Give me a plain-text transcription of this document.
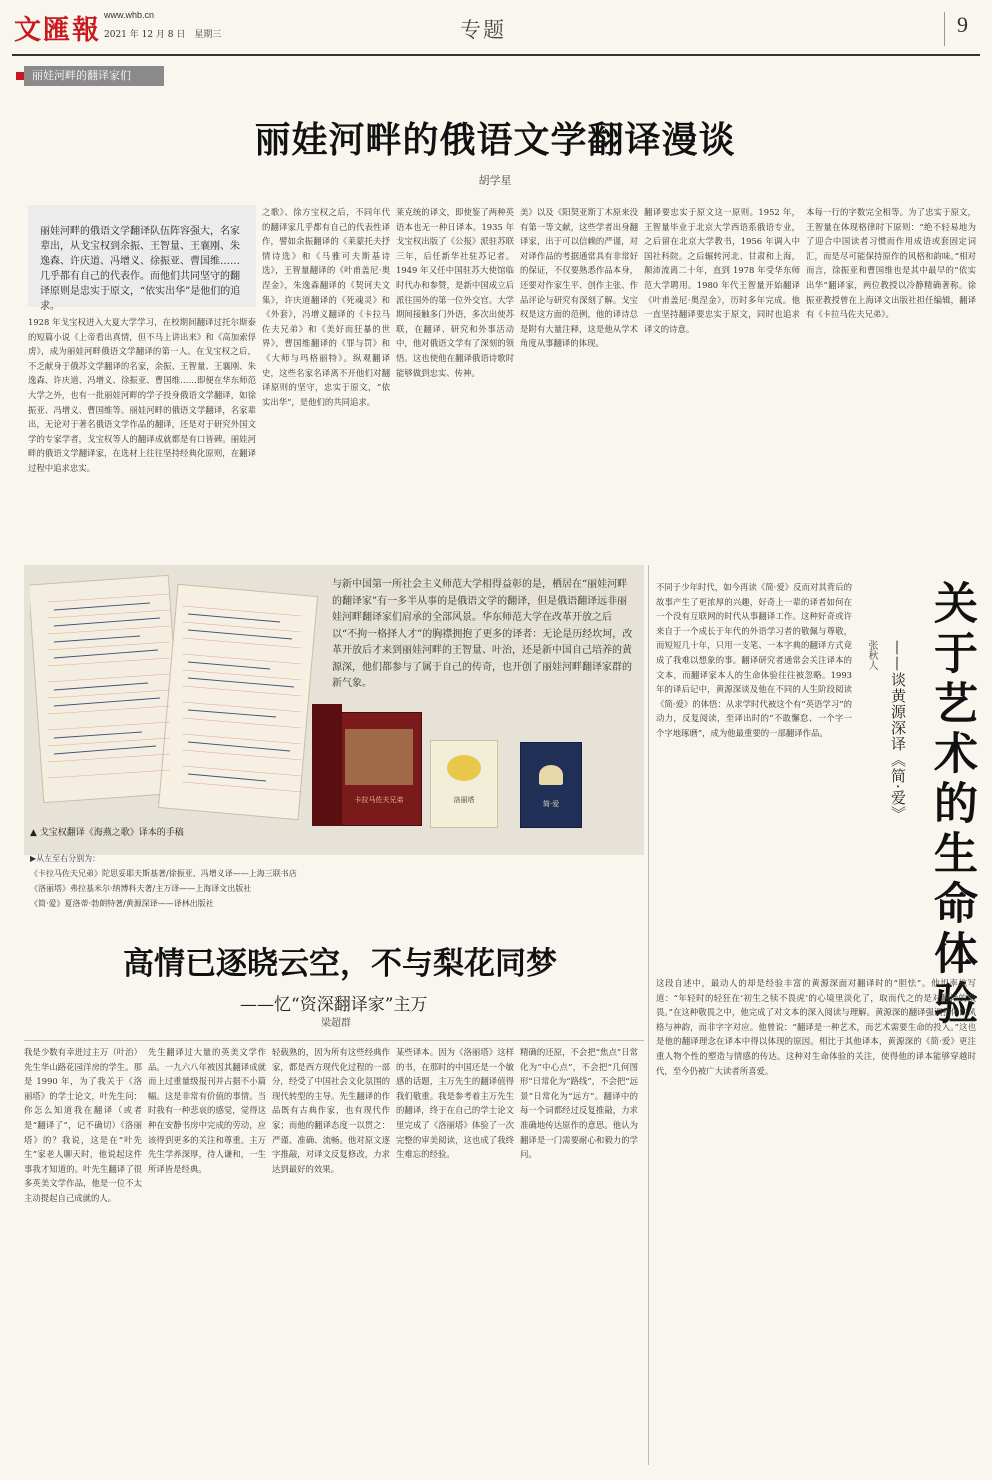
文匯報 www.whb.cn
2021 年 12 月 8 日　星期三	专题	9
丽娃河畔的翻译家们
丽娃河畔的俄语文学翻译漫谈
胡学星
丽娃河畔的俄语文学翻译队伍阵容强大，名家辈出，从戈宝权到余振、王智量、王襄刚、朱逸森、许庆道、冯增义、徐振亚、曹国维……几乎都有自己的代表作。而他们共同坚守的翻译原则是忠实于原文，“依实出华”是他们的追求。
1928 年戈宝权进入大夏大学学习，在校期间翻译过托尔斯泰的短篇小说《上帝看出真情，但不马上讲出来》和《高加索俘虏》，成为丽娃河畔俄语文学翻译的第一人。在戈宝权之后，不乏献身于俄苏文学翻译的名家，余振、王智量、王襄刚、朱逸森、许庆道、冯增义、徐振亚、曹国维……即便在华东师范大学之外，也有一批丽娃河畔的学子投身俄语文学翻译，如徐振亚、冯增义、曹国维等。丽娃河畔的俄语文学翻译，名家辈出，无论对于著名俄语文学作品的翻译，还是对于研究外国文学的专家学者，戈宝权等人的翻译成就都是有口皆碑。丽娃河畔的俄语文学翻译家，在选材上往往坚持经典化原则，在翻译过程中追求忠实。
之歌》、徐方宝权之后，不同年代的翻译家几乎都有自己的代表性译作，譬如余振翻译的《莱蒙托夫抒情诗选》和《马雅可夫斯基诗选》，王智量翻译的《叶甫盖尼·奥涅金》，朱逸森翻译的《契诃夫文集》，许庆道翻译的《死魂灵》和《外套》，冯增义翻译的《卡拉马佐夫兄弟》和《美好而狂暴的世界》，曹国维翻译的《罪与罚》和《大师与玛格丽特》。纵观翻译史，这些名家名译离不开他们对翻译原则的坚守，忠实于原文，“依实出华”，是他们的共同追求。
莱克统的译文，即使鉴了两种英语本也无一种日译本。1935 年戈宝权出版了《公报》派驻苏联三年，后任新华社驻苏记者。1949 年又任中国驻苏大使馆临时代办和参赞，是新中国成立后派往国外的第一位外交官。大学期间接触多门外语，多次出使苏联，在翻译、研究和外事活动中，他对俄语文学有了深刻的领悟。这也使他在翻译俄语诗歌时能够做到忠实、传神。
美》以及《阳契亚斯丁木原来没有第一等文献，这些学者出身翻译家，出于可以信赖的严谨，对对译作品的考据通常具有非常好的保证，不仅要熟悉作品本身，还要对作家生平、创作主张、作品评论与研究有深刻了解。戈宝权是这方面的范例，他的译诗总是附有大量注释，这是他从学术角度从事翻译的体现。
翻译要忠实于原文这一原则。1952 年，王智量毕业于北京大学西语系俄语专业，之后留在北京大学教书，1956 年调入中国社科院。之后辗转河北、甘肃和上海，颠沛流离二十年，直到 1978 年受华东师范大学聘用。1980 年代王智量开始翻译《叶甫盖尼·奥涅金》，历时多年完成。他一直坚持翻译要忠实于原文，同时也追求译文的诗意。
本每一行的字数完全相等。为了忠实于原文，王智量在体现格律时下原则：“绝不轻易地为了迎合中国读者习惯而作用成语或套固定词汇，而是尽可能保持原作的风格和韵味。”相对而言，徐振亚和曹国维也是其中最早的“依实出华”翻译家，两位教授以冷静精确著称。徐振亚教授曾在上海译文出版社担任编辑，翻译有《卡拉马佐夫兄弟》。
与新中国第一所社会主义师范大学相得益彰的是，栖居在“丽娃河畔的翻译家”有一多半从事的是俄语文学的翻译，但是俄语翻译远非丽娃河畔翻译家们肩承的全部风景。华东师范大学在改革开放之后以“不拘一格择人才”的胸襟拥抱了更多的译者：无论是历经坎坷，改革开放后才来到丽娃河畔的王智量、叶治，还是新中国自己培养的黄源深，他们都参与了属于自己的传奇，也开创了丽娃河畔翻译家群的新气象。
卡拉马佐夫兄弟	洛丽塔	简·爱
▲ 戈宝权翻译《海燕之歌》译本的手稿
▶从左至右分别为：
《卡拉马佐夫兄弟》陀思妥耶夫斯基著/徐振亚、冯增义译——上海三联书店
《洛丽塔》弗拉基米尔·纳博科夫著/主万译——上海译文出版社
《简·爱》夏洛蒂·勃朗特著/黄源深译——译林出版社
高情已逐晓云空，不与梨花同梦
——忆“资深翻译家”主万
梁超群
我是少数有幸进过主万（叶治）先生华山路花园洋房的学生。那是 1990 年，为了我关于《洛丽塔》的学士论文，叶先生问：你怎么知道我在翻译（或者是“翻译了”，记不确切）《洛丽塔》的？我说，这是在“叶先生”家老人聊天时，他说起这件事我才知道的。叶先生翻译了很多英美文学作品，他是一位不太主动提起自己成就的人。
先生翻译过大量的英美文学作品。一九六八年被因其翻译成就而上过重量级报刊并占据不小篇幅。这是非常有价值的事情。当时我有一种悲哀的感觉，觉得这种在安静书房中完成的劳动，应该得到更多的关注和尊重。主万先生学养深厚，待人谦和，一生所译皆是经典。
轻载熟的，因为所有这些经典作家，都是西方现代化过程的一部分，经受了中国社会文化氛围的现代转型的主导。先生翻译的作品既有古典作家，也有现代作家；而他的翻译态度一以贯之：严谨、准确、流畅。他对原文逐字推敲，对译文反复修改，力求达到最好的效果。
某些译本。因为《洛丽塔》这样的书，在那时的中国还是一个敏感的话题，主万先生的翻译值得我们敬重。我是参考着主万先生的翻译，终于在自己的学士论文里完成了《洛丽塔》体验了一次完整的审美阅读，这也成了我终生难忘的经验。
精确的还原，不会把“焦点”日常化为“中心点”，不会把“几何图形”日常化为“路线”，不会把“远景”日常化为“远方”。翻译中的每一个词都经过反复推敲，力求准确地传达原作的意思。他认为翻译是一门需要耐心和毅力的学问。
关于艺术的生命体验
——谈黄源深译《简·爱》
张秋人
不同于少年时代，如今再读《简·爱》反而对其背后的故事产生了更浓厚的兴趣，好奇上一辈的译者如何在一个没有互联网的时代从事翻译工作。这种好奇或许来自于一个成长于年代的外语学习者的敬佩与尊敬，而短短几十年，只用一支笔、一本字典的翻译方式竟成了我难以想象的事。翻译研究者通常会关注译本的文本，而翻译家本人的生命体验往往被忽略。1993 年的译后记中，黄源深谈及他在不同的人生阶段阅读《简·爱》的体悟：从求学时代被这个有“英语学习”的动力，反复阅读，至译出时的“不敢懈怠、一个字一个字地琢磨”，成为他最重要的一部翻译作品。
这段自述中，最动人的却是经验丰富的黄源深面对翻译时的“胆怯”。他坦率地写道：“年轻时的轻狂在‘初生之犊不畏虎’的心境里淡化了，取而代之的是对翻译的敬畏。”在这种敬畏之中，他完成了对文本的深入阅读与理解。黄源深的翻译强调整体的风格与神韵，而非字字对应。他曾说：“翻译是一种艺术，而艺术需要生命的投入。”这也是他的翻译理念在译本中得以体现的原因。相比于其他译本，黄源深的《简·爱》更注重人物个性的塑造与情感的传达。这种对生命体验的关注，使得他的译本能够穿越时代，至今仍被广大读者所喜爱。
